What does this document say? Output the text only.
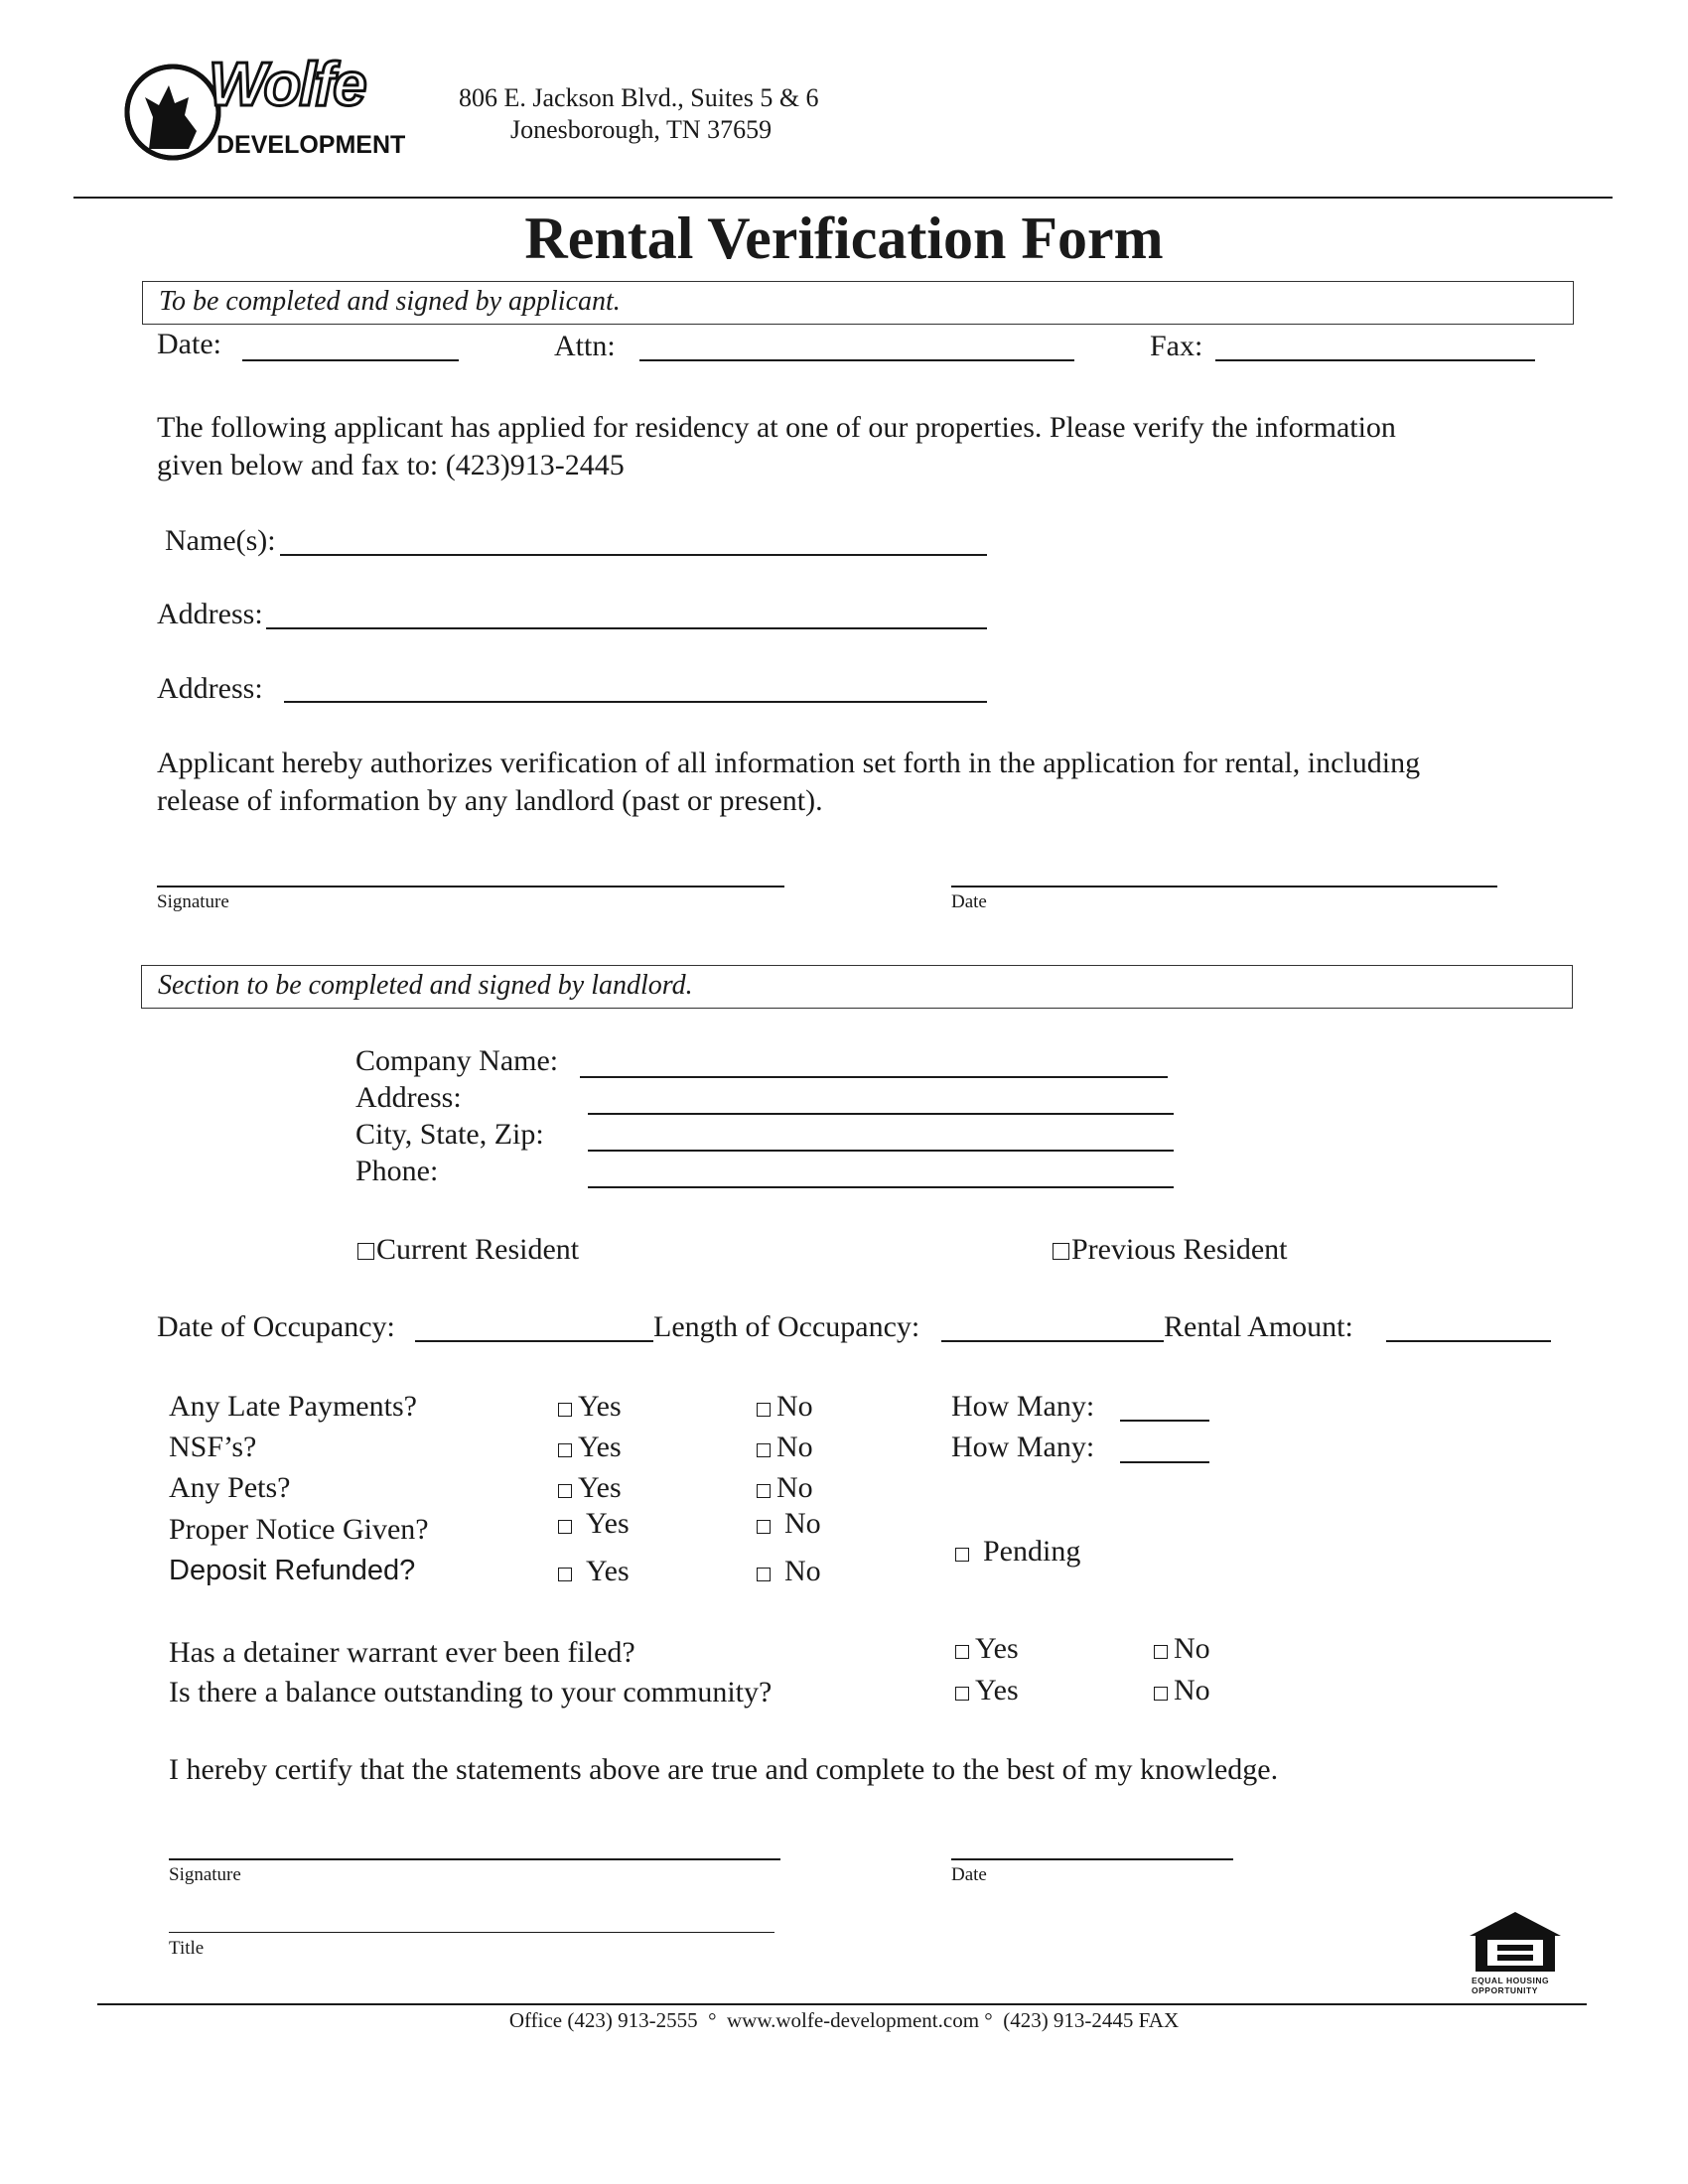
Wolfe
DEVELOPMENT
806 E. Jackson Blvd., Suites 5 & 6
Jonesborough, TN 37659
Rental Verification Form
To be completed and signed by applicant.
Date:	Attn:	Fax:
The following applicant has applied for residency at one of our properties. Please verify the information
given below and fax to: (423)913-2445
Name(s):
Address:
Address:
Applicant hereby authorizes verification of all information set forth in the application for rental, including
release of information by any landlord (past or present).
Signature	Date
Section to be completed and signed by landlord.
Company Name:
Address:
City, State, Zip:
Phone:
Current Resident	Previous Resident
Date of Occupancy:	Length of Occupancy:	Rental Amount:
Any Late Payments?	Yes	No	How Many:
NSF’s?	Yes	No	How Many:
Any Pets?	Yes	No
Proper Notice Given?	Yes	No
Deposit Refunded?	Yes	No
Pending
Has a detainer warrant ever been filed?	Yes	No
Is there a balance outstanding to your community?	Yes	No
I hereby certify that the statements above are true and complete to the best of my knowledge.
Signature	Date
Title
EQUAL HOUSING
OPPORTUNITY
Office (423) 913-2555  °  www.wolfe-development.com °  (423) 913-2445 FAX
